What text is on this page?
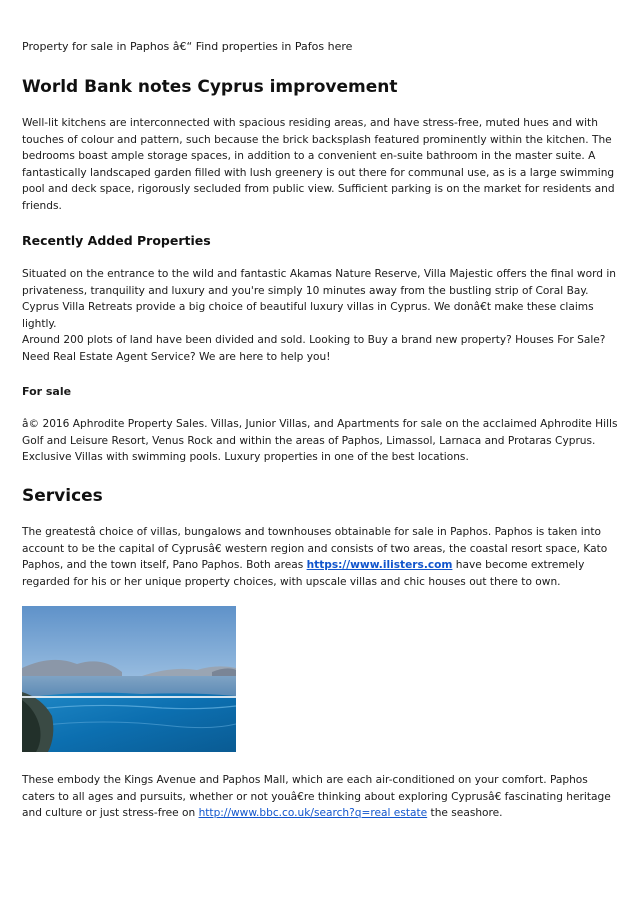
Property for sale in Paphos â€“ Find properties in Pafos here
World Bank notes Cyprus improvement

Well-lit kitchens are interconnected with spacious residing areas, and have stress-free, muted hues and with touches of colour and pattern, such because the brick backsplash featured prominently within the kitchen. The bedrooms boast ample storage spaces, in addition to a convenient en-suite bathroom in the master suite. A fantastically landscaped garden filled with lush greenery is out there for communal use, as is a large swimming pool and deck space, rigorously secluded from public view. Sufficient parking is on the market for residents and friends.

Recently Added Properties

Situated on the entrance to the wild and fantastic Akamas Nature Reserve, Villa Majestic offers the final word in privateness, tranquility and luxury and you're simply 10 minutes away from the bustling strip of Coral Bay. Cyprus Villa Retreats provide a big choice of beautiful luxury villas in Cyprus. We donâ€t make these claims lightly.

Around 200 plots of land have been divided and sold. Looking to Buy a brand new property? Houses For Sale? Need Real Estate Agent Service? We are here to help you!

For sale

â© 2016 Aphrodite Property Sales. Villas, Junior Villas, and Apartments for sale on the acclaimed Aphrodite Hills Golf and Leisure Resort, Venus Rock and within the areas of Paphos, Limassol, Larnaca and Protaras Cyprus. Exclusive Villas with swimming pools. Luxury properties in one of the best locations.

Services

The greatestâ choice of villas, bungalows and townhouses obtainable for sale in Paphos. Paphos is taken into account to be the capital of Cyprusâ€ western region and consists of two areas, the coastal resort space, Kato Paphos, and the town itself, Pano Paphos. Both areas https://www.ilisters.com have become extremely regarded for his or her unique property choices, with upscale villas and chic houses out there to own.

These embody the Kings Avenue and Paphos Mall, which are each air-conditioned on your comfort. Paphos caters to all ages and pursuits, whether or not youâ€re thinking about exploring Cyprusâ€ fascinating heritage and culture or just stress-free on http://www.bbc.co.uk/search?q=real estate the seashore.
